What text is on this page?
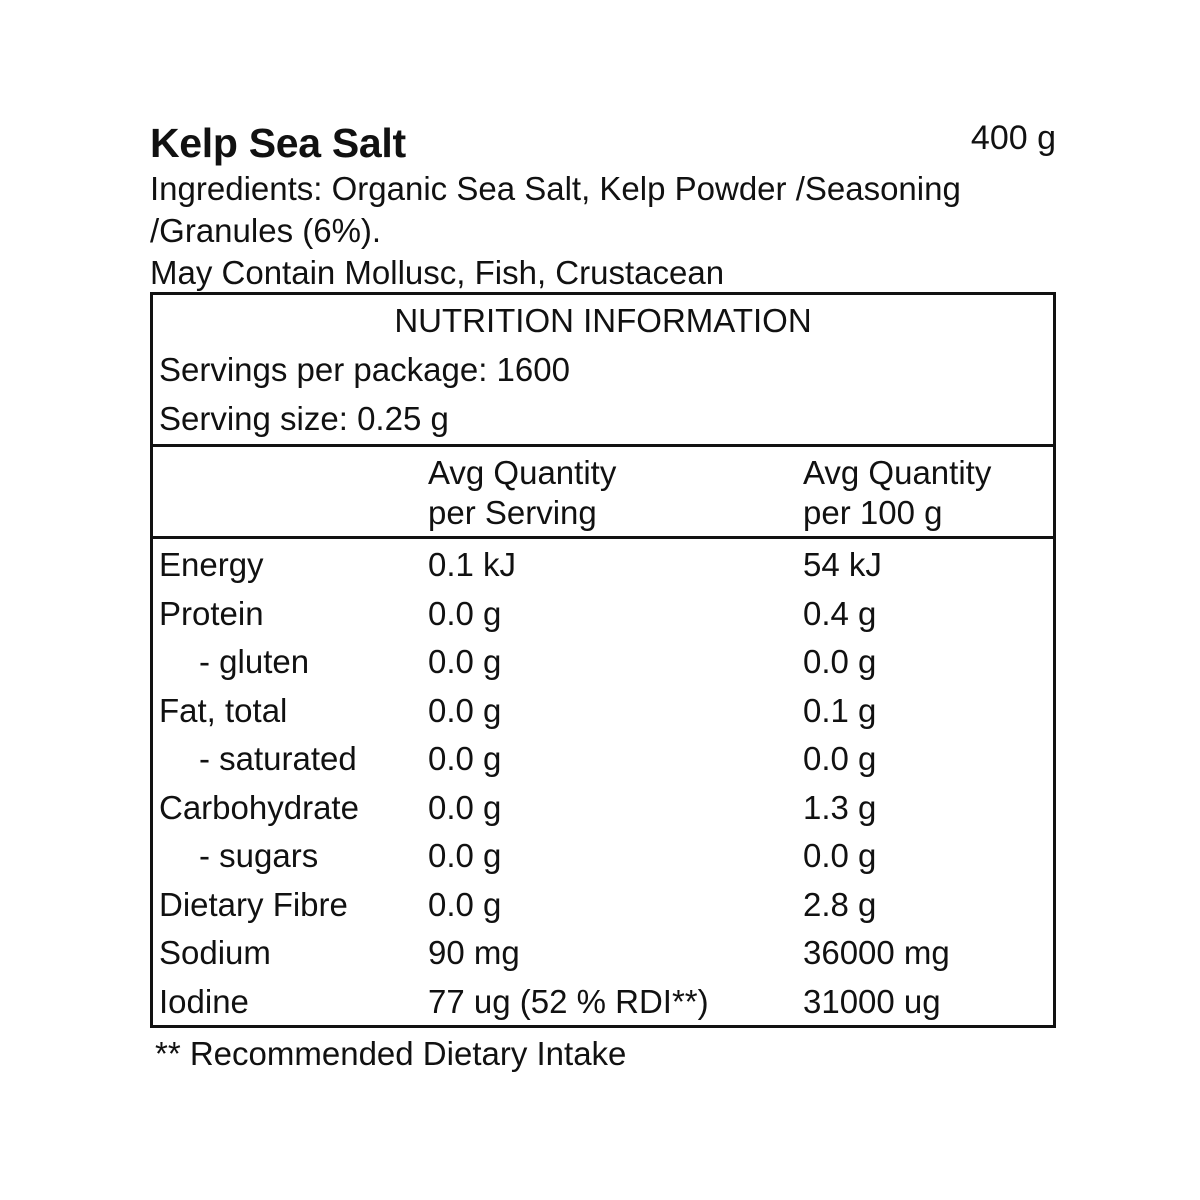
Kelp Sea Salt	400 g
Ingredients: Organic Sea Salt, Kelp Powder /Seasoning /Granules (6%).
May Contain Mollusc, Fish, Crustacean
NUTRITION INFORMATION
Servings per package: 1600
Serving size: 0.25 g
Avg Quantity
per Serving
Avg Quantity
per 100 g
Energy	0.1 kJ	54 kJ
Protein	0.0 g	0.4 g
- gluten	0.0 g	0.0 g
Fat, total	0.0 g	0.1 g
- saturated 0.0 g	0.0 g
Carbohydrate 0.0 g	1.3 g
- sugars	0.0 g	0.0 g
Dietary Fibre 0.0 g	2.8 g
Sodium	90 mg	36000 mg
Iodine	77 ug (52 % RDI**)	31000 ug
** Recommended Dietary Intake
